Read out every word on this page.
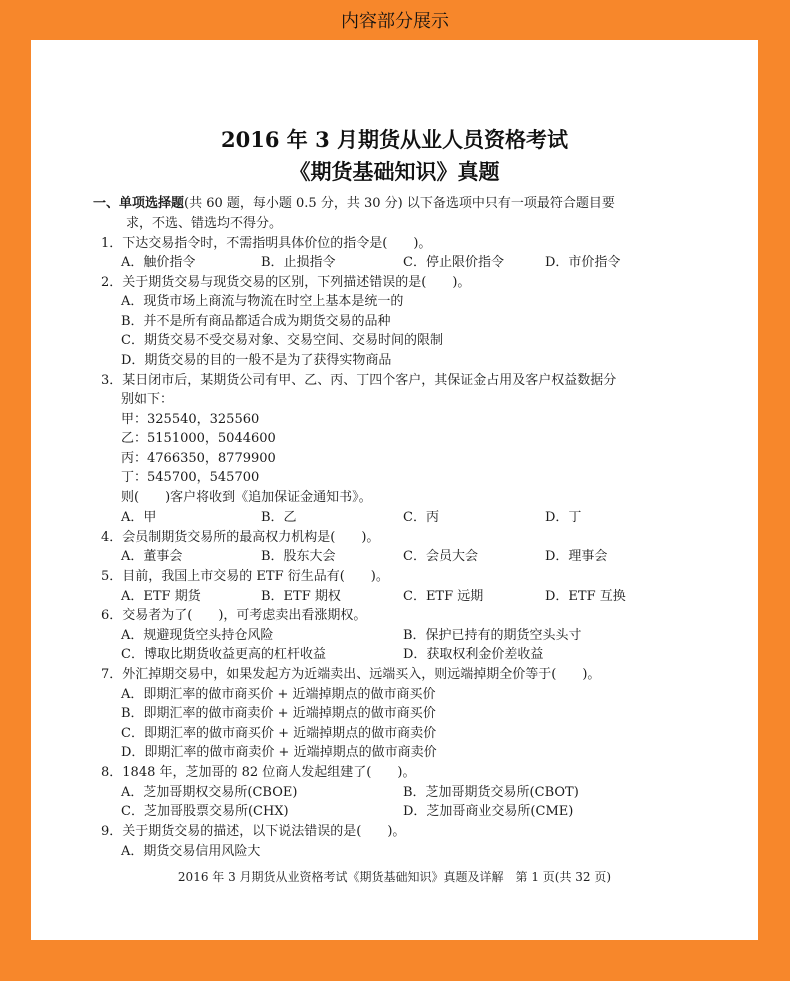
内容部分展示
2016 年 3 月期货从业人员资格考试
《期货基础知识》真题
一、单项选择题(共 60 题，每小题 0.5 分，共 30 分) 以下备选项中只有一项最符合题目要
求，不选、错选均不得分。
1．下达交易指令时，不需指明具体价位的指令是(　　)。
A．触价指令	B．止损指令	C．停止限价指令	D．市价指令
2．关于期货交易与现货交易的区别，下列描述错误的是(　　)。
A．现货市场上商流与物流在时空上基本是统一的
B．并不是所有商品都适合成为期货交易的品种
C．期货交易不受交易对象、交易空间、交易时间的限制
D．期货交易的目的一般不是为了获得实物商品
3．某日闭市后，某期货公司有甲、乙、丙、丁四个客户，其保证金占用及客户权益数据分
别如下：
甲：325540，325560
乙：5151000，5044600
丙：4766350，8779900
丁：545700，545700
则(　　)客户将收到《追加保证金通知书》。
A．甲	B．乙	C．丙	D．丁
4．会员制期货交易所的最高权力机构是(　　)。
A．董事会	B．股东大会	C．会员大会	D．理事会
5．目前，我国上市交易的 ETF 衍生品有(　　)。
A．ETF 期货	B．ETF 期权	C．ETF 远期	D．ETF 互换
6．交易者为了(　　)，可考虑卖出看涨期权。
A．规避现货空头持仓风险	B．保护已持有的期货空头头寸
C．博取比期货收益更高的杠杆收益	D．获取权利金价差收益
7．外汇掉期交易中，如果发起方为近端卖出、远端买入，则远端掉期全价等于(　　)。
A．即期汇率的做市商买价 + 近端掉期点的做市商买价
B．即期汇率的做市商卖价 + 近端掉期点的做市商买价
C．即期汇率的做市商买价 + 近端掉期点的做市商卖价
D．即期汇率的做市商卖价 + 近端掉期点的做市商卖价
8．1848 年，芝加哥的 82 位商人发起组建了(　　)。
A．芝加哥期权交易所(CBOE)	B．芝加哥期货交易所(CBOT)
C．芝加哥股票交易所(CHX)	D．芝加哥商业交易所(CME)
9．关于期货交易的描述，以下说法错误的是(　　)。
A．期货交易信用风险大
2016 年 3 月期货从业资格考试《期货基础知识》真题及详解　第 1 页(共 32 页)
